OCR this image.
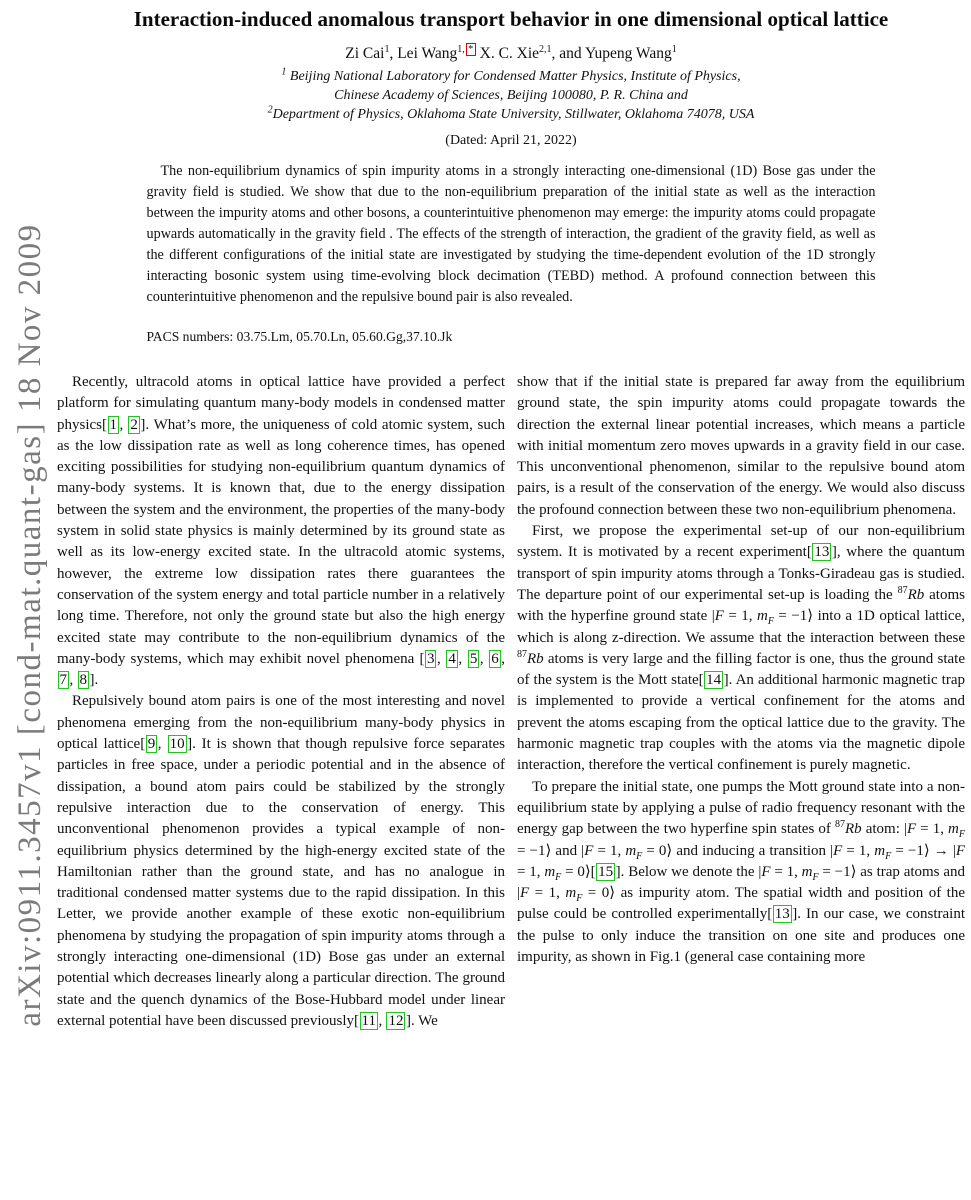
arXiv:0911.3457v1 [cond-mat.quant-gas] 18 Nov 2009
Interaction-induced anomalous transport behavior in one dimensional optical lattice
Zi Cai$^1$, Lei Wang$^{1,}$ * X. C. Xie$^{2,1}$, and Yupeng Wang$^1$
$^1$ Beijing National Laboratory for Condensed Matter Physics, Institute of Physics,
Chinese Academy of Sciences, Beijing 100080, P. R. China and
$^2$Department of Physics, Oklahoma State University, Stillwater, Oklahoma 74078, USA
(Dated: April 21, 2022)
The non-equilibrium dynamics of spin impurity atoms in a strongly interacting one-dimensional (1D) Bose gas under the gravity field is studied. We show that due to the non-equilibrium preparation of the initial state as well as the interaction between the impurity atoms and other bosons, a counterintuitive phenomenon may emerge: the impurity atoms could propagate upwards automatically in the gravity field . The effects of the strength of interaction, the gradient of the gravity field, as well as the different configurations of the initial state are investigated by studying the time-dependent evolution of the 1D strongly interacting bosonic system using time-evolving block decimation (TEBD) method. A profound connection between this counterintuitive phenomenon and the repulsive bound pair is also revealed.
PACS numbers: 03.75.Lm, 05.70.Ln, 05.60.Gg,37.10.Jk

Recently, ultracold atoms in optical lattice have provided a perfect platform for simulating quantum many-body models in condensed matter physics[ 1 , 2 ]. What’s more, the uniqueness of cold atomic system, such as the low dissipation rate as well as long coherence times, has opened exciting possibilities for studying non-equilibrium quantum dynamics of many-body systems. It is known that, due to the energy dissipation between the system and the environment, the properties of the many-body system in solid state physics is mainly determined by its ground state as well as its low-energy excited state. In the ultracold atomic systems, however, the extreme low dissipation rates there guarantees the conservation of the system energy and total particle number in a relatively long time. Therefore, not only the ground state but also the high energy excited state may contribute to the non-equilibrium dynamics of the many-body systems, which may exhibit novel phenomena [ 3 , 4 , 5 , 6 , 7 , 8 ].

Repulsively bound atom pairs is one of the most interesting and novel phenomena emerging from the non-equilibrium many-body physics in optical lattice[ 9 , 10 ]. It is shown that though repulsive force separates particles in free space, under a periodic potential and in the absence of dissipation, a bound atom pairs could be stabilized by the strongly repulsive interaction due to the conservation of energy. This unconventional phenomenon provides a typical example of non-equilibrium physics determined by the high-energy excited state of the Hamiltonian rather than the ground state, and has no analogue in traditional condensed matter systems due to the rapid dissipation. In this Letter, we provide another example of these exotic non-equilibrium phenomena by studying the propagation of spin impurity atoms through a strongly interacting one-dimensional (1D) Bose gas under an external potential which decreases linearly along a particular direction. The ground state and the quench dynamics of the Bose-Hubbard model under linear external potential have been discussed previously[ 11 , 12 ]. We

show that if the initial state is prepared far away from the equilibrium ground state, the spin impurity atoms could propagate towards the direction the external linear potential increases, which means a particle with initial momentum zero moves upwards in a gravity field in our case. This unconventional phenomenon, similar to the repulsive bound atom pairs, is a result of the conservation of the energy. We would also discuss the profound connection between these two non-equilibrium phenomena.

First, we propose the experimental set-up of our non-equilibrium system. It is motivated by a recent experiment[ 13 ], where the quantum transport of spin impurity atoms through a Tonks-Giradeau gas is studied. The departure point of our experimental set-up is loading the $^{87}$Rb atoms with the hyperfine ground state |F = 1, $m_F$ = −1⟩ into a 1D optical lattice, which is along z-direction. We assume that the interaction between these $^{87}$Rb atoms is very large and the filling factor is one, thus the ground state of the system is the Mott state[ 14 ]. An additional harmonic magnetic trap is implemented to provide a vertical confinement for the atoms and prevent the atoms escaping from the optical lattice due to the gravity. The harmonic magnetic trap couples with the atoms via the magnetic dipole interaction, therefore the vertical confinement is purely magnetic.

To prepare the initial state, one pumps the Mott ground state into a non-equilibrium state by applying a pulse of radio frequency resonant with the energy gap between the two hyperfine spin states of $^{87}$Rb atom: |F = 1, $m_F$ = −1⟩ and |F = 1, $m_F$ = 0⟩ and inducing a transition |F = 1, $m_F$ = −1⟩ → |F = 1, $m_F$ = 0⟩[ 15 ]. Below we denote the |F = 1, $m_F$ = −1⟩ as trap atoms and |F = 1, $m_F$ = 0⟩ as impurity atom. The spatial width and position of the pulse could be controlled experimentally[ 13 ]. In our case, we constraint the pulse to only induce the transition on one site and produces one impurity, as shown in Fig.1 (general case containing more
